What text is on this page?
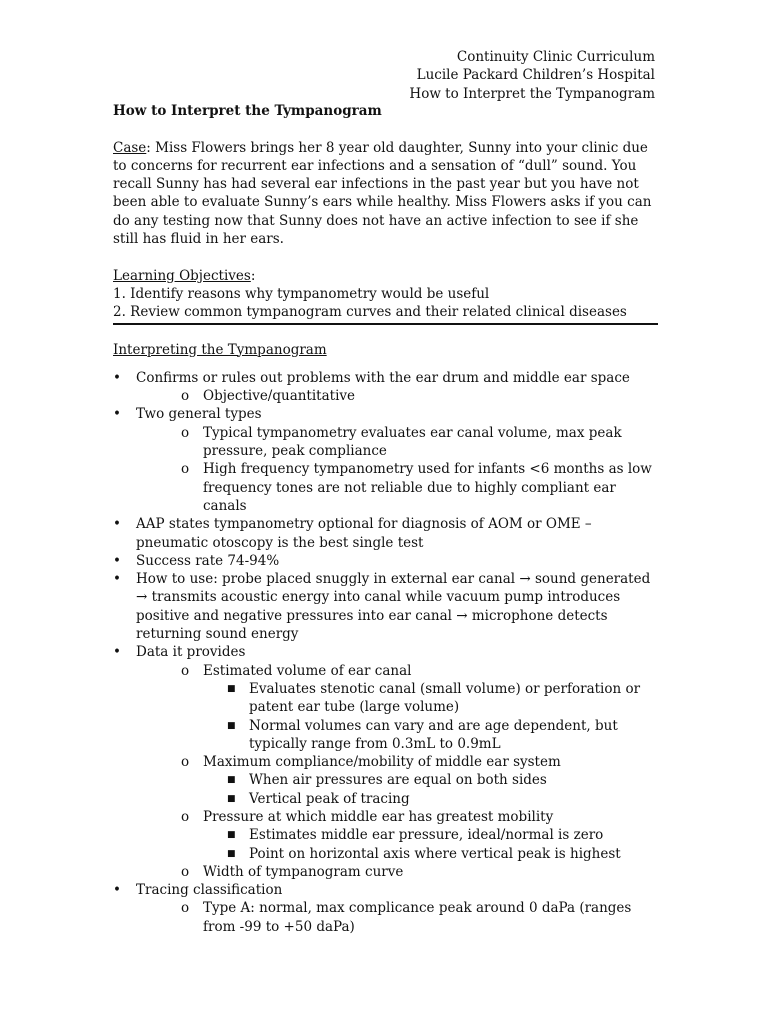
Continuity Clinic Curriculum
Lucile Packard Children’s Hospital
How to Interpret the Tympanogram
How to Interpret the Tympanogram
Case: Miss Flowers brings her 8 year old daughter, Sunny into your clinic due to concerns for recurrent ear infections and a sensation of “dull” sound. You recall Sunny has had several ear infections in the past year but you have not been able to evaluate Sunny’s ears while healthy. Miss Flowers asks if you can do any testing now that Sunny does not have an active infection to see if she still has fluid in her ears.
Learning Objectives:
1. Identify reasons why tympanometry would be useful
2. Review common tympanogram curves and their related clinical diseases
Interpreting the Tympanogram
• Confirms or rules out problems with the ear drum and middle ear space
o Objective/quantitative
• Two general types
o Typical tympanometry evaluates ear canal volume, max peak pressure, peak compliance
o High frequency tympanometry used for infants <6 months as low frequency tones are not reliable due to highly compliant ear canals
• AAP states tympanometry optional for diagnosis of AOM or OME – pneumatic otoscopy is the best single test
• Success rate 74-94%
• How to use: probe placed snuggly in external ear canal → sound generated → transmits acoustic energy into canal while vacuum pump introduces positive and negative pressures into ear canal → microphone detects returning sound energy
• Data it provides
o Estimated volume of ear canal
■ Evaluates stenotic canal (small volume) or perforation or patent ear tube (large volume)
■ Normal volumes can vary and are age dependent, but typically range from 0.3mL to 0.9mL
o Maximum compliance/mobility of middle ear system
■ When air pressures are equal on both sides
■ Vertical peak of tracing
o Pressure at which middle ear has greatest mobility
■ Estimates middle ear pressure, ideal/normal is zero
■ Point on horizontal axis where vertical peak is highest
o Width of tympanogram curve
• Tracing classification
o Type A: normal, max complicance peak around 0 daPa (ranges from -99 to +50 daPa)
